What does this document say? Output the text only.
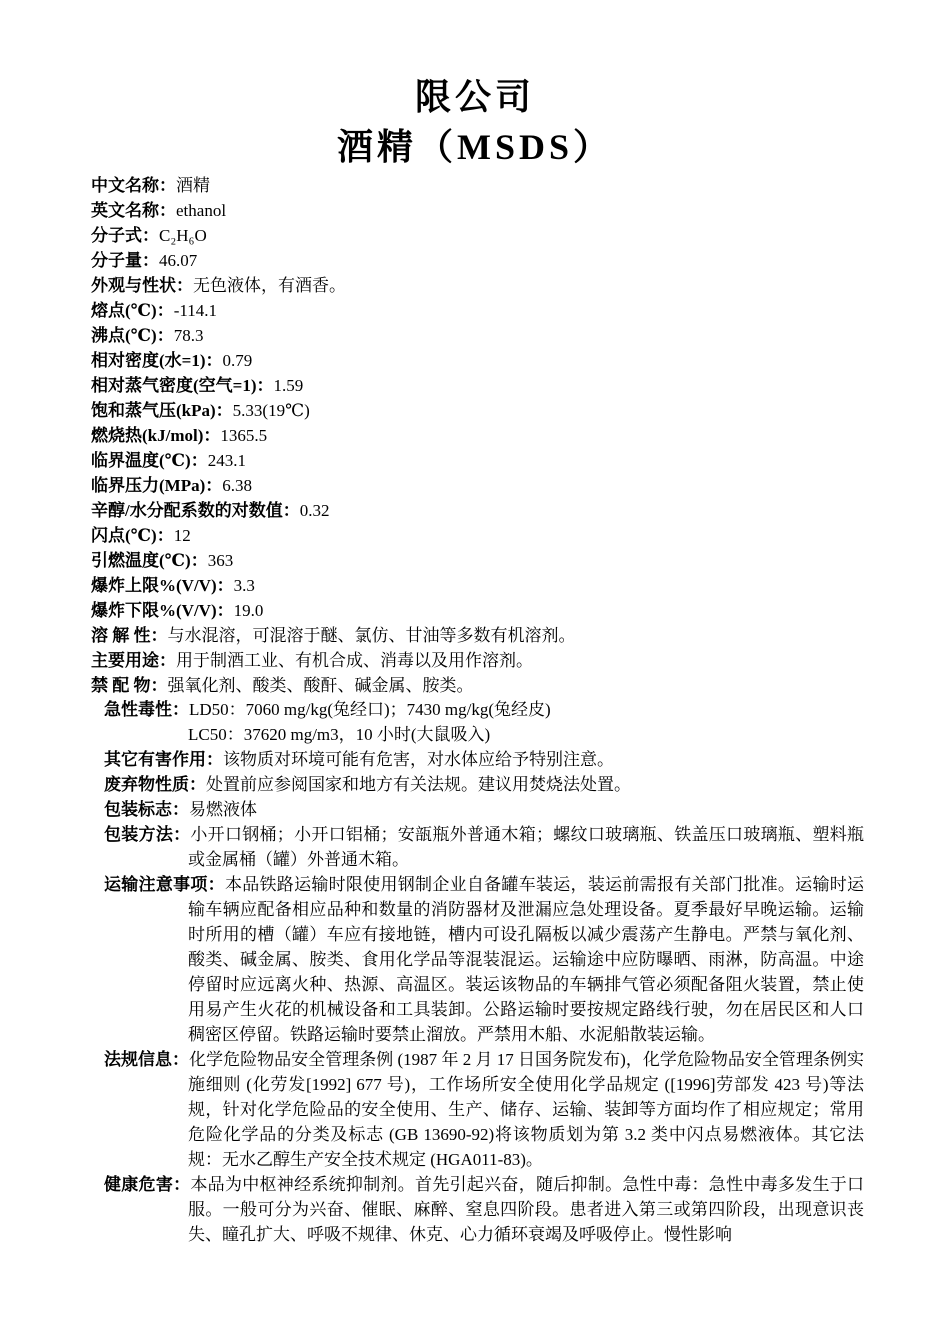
限公司
酒精（MSDS）
中文名称：酒精
英文名称：ethanol
分子式：C₂H₆O
分子量：46.07
外观与性状：无色液体，有酒香。
熔点(℃)：-114.1
沸点(℃)：78.3
相对密度(水=1)：0.79
相对蒸气密度(空气=1)：1.59
饱和蒸气压(kPa)：5.33(19℃)
燃烧热(kJ/mol)：1365.5
临界温度(℃)：243.1
临界压力(MPa)：6.38
辛醇/水分配系数的对数值：0.32
闪点(℃)：12
引燃温度(℃)：363
爆炸上限%(V/V)：3.3
爆炸下限%(V/V)：19.0
溶 解 性：与水混溶，可混溶于醚、氯仿、甘油等多数有机溶剂。
主要用途：用于制酒工业、有机合成、消毒以及用作溶剂。
禁 配 物：强氧化剂、酸类、酸酐、碱金属、胺类。
急性毒性：LD50：7060 mg/kg(兔经口)；7430 mg/kg(兔经皮)
LC50：37620 mg/m3，10 小时(大鼠吸入)
其它有害作用：该物质对环境可能有危害，对水体应给予特别注意。
废弃物性质：处置前应参阅国家和地方有关法规。建议用焚烧法处置。
包装标志：易燃液体
包装方法：小开口钢桶；小开口铝桶；安瓿瓶外普通木箱；螺纹口玻璃瓶、铁盖压口玻璃瓶、塑料瓶或金属桶（罐）外普通木箱。
运输注意事项：本品铁路运输时限使用钢制企业自备罐车装运，装运前需报有关部门批准。运输时运输车辆应配备相应品种和数量的消防器材及泄漏应急处理设备。夏季最好早晚运输。运输时所用的槽（罐）车应有接地链，槽内可设孔隔板以减少震荡产生静电。严禁与氧化剂、酸类、碱金属、胺类、食用化学品等混装混运。运输途中应防曝晒、雨淋，防高温。中途停留时应远离火种、热源、高温区。装运该物品的车辆排气管必须配备阻火装置，禁止使用易产生火花的机械设备和工具装卸。公路运输时要按规定路线行驶，勿在居民区和人口稠密区停留。铁路运输时要禁止溜放。严禁用木船、水泥船散装运输。
法规信息：化学危险物品安全管理条例 (1987 年 2 月 17 日国务院发布)，化学危险物品安全管理条例实施细则 (化劳发[1992] 677 号)，工作场所安全使用化学品规定 ([1996]劳部发 423 号)等法规，针对化学危险品的安全使用、生产、储存、运输、装卸等方面均作了相应规定；常用危险化学品的分类及标志 (GB 13690-92)将该物质划为第 3.2 类中闪点易燃液体。其它法规：无水乙醇生产安全技术规定 (HGA011-83)。
健康危害：本品为中枢神经系统抑制剂。首先引起兴奋，随后抑制。急性中毒：急性中毒多发生于口服。一般可分为兴奋、催眠、麻醉、窒息四阶段。患者进入第三或第四阶段，出现意识丧失、瞳孔扩大、呼吸不规律、休克、心力循环衰竭及呼吸停止。慢性影响
